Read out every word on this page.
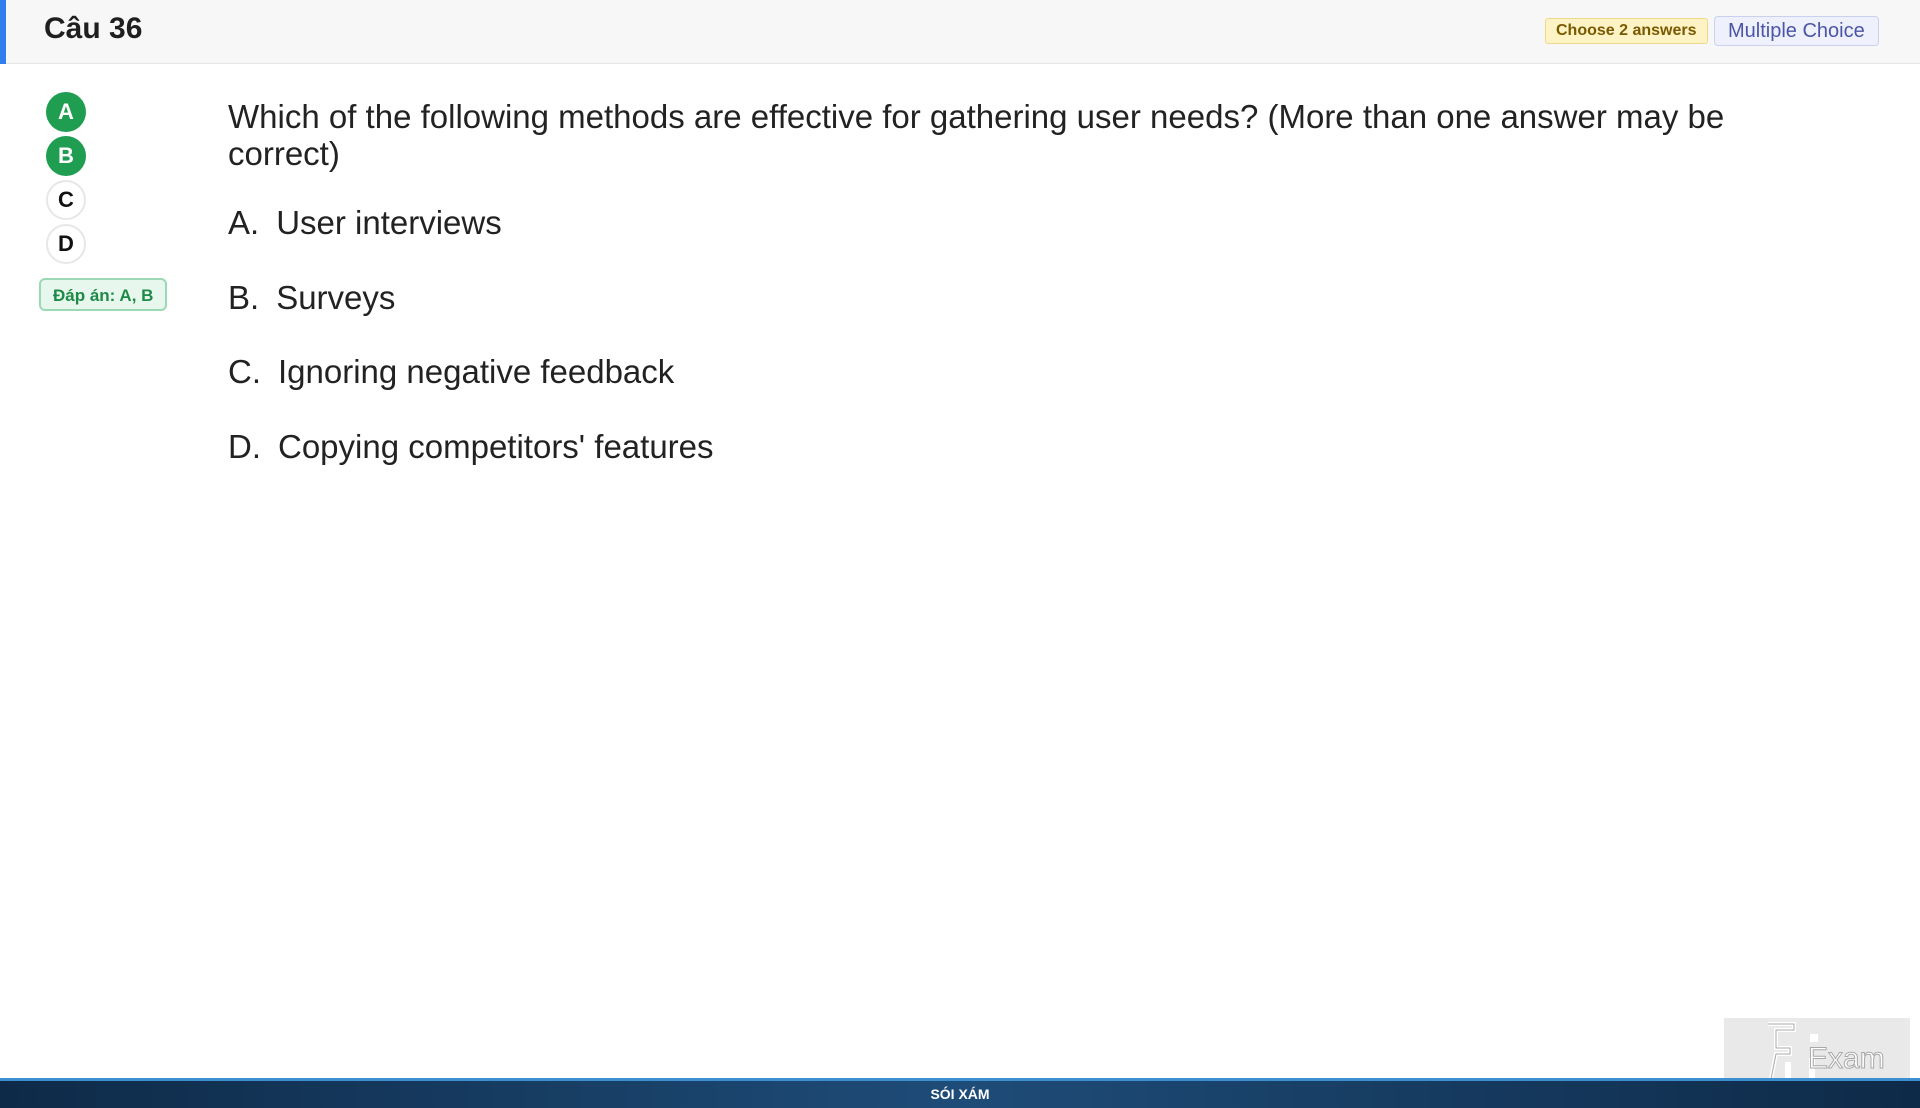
Câu 36	Choose 2 answers	Multiple Choice
A
B
C
D
Đáp án: A, B
Which of the following methods are effective for gathering user needs? (More than one answer may be correct)
A. User interviews
B. Surveys
C. Ignoring negative feedback
D. Copying competitors' features
Exam
SÓI XÁM
